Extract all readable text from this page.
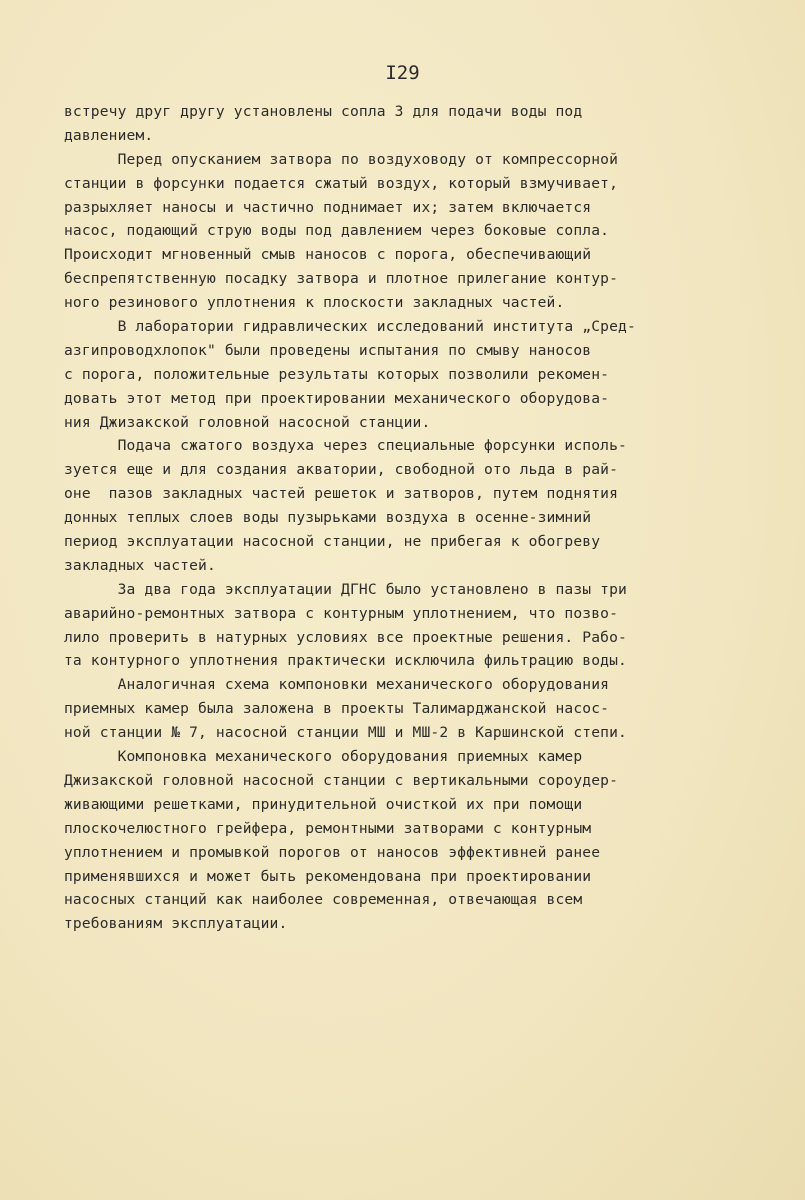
I29
встречу друг другу установлены сопла 3 для подачи воды под
давлением.
Перед опусканием затвора по воздуховоду от компрессорной
станции в форсунки подается сжатый воздух, который взмучивает,
разрыхляет наносы и частично поднимает их; затем включается
насос, подающий струю воды под давлением через боковые сопла.
Происходит мгновенный смыв наносов с порога, обеспечивающий
беспрепятственную посадку затвора и плотное прилегание контур-
ного резинового уплотнения к плоскости закладных частей.
В лаборатории гидравлических исследований института „Сред-
азгипроводхлопок" были проведены испытания по смыву наносов
с порога, положительные результаты которых позволили рекомен-
довать этот метод при проектировании механического оборудова-
ния Джизакской головной насосной станции.
Подача сжатого воздуха через специальные форсунки исполь-
зуется еще и для создания акватории, свободной ото льда в рай-
оне  пазов закладных частей решеток и затворов, путем поднятия
донных теплых слоев воды пузырьками воздуха в осенне-зимний
период эксплуатации насосной станции, не прибегая к обогреву
закладных частей.
За два года эксплуатации ДГНС было установлено в пазы три
аварийно-ремонтных затвора с контурным уплотнением, что позво-
лило проверить в натурных условиях все проектные решения. Рабо-
та контурного уплотнения практически исключила фильтрацию воды.
Аналогичная схема компоновки механического оборудования
приемных камер была заложена в проекты Талимарджанской насос-
ной станции № 7, насосной станции МШ и МШ-2 в Каршинской степи.
Компоновка механического оборудования приемных камер
Джизакской головной насосной станции с вертикальными сороудер-
живающими решетками, принудительной очисткой их при помощи
плоскочелюстного грейфера, ремонтными затворами с контурным
уплотнением и промывкой порогов от наносов эффективней ранее
применявшихся и может быть рекомендована при проектировании
насосных станций как наиболее современная, отвечающая всем
требованиям эксплуатации.
